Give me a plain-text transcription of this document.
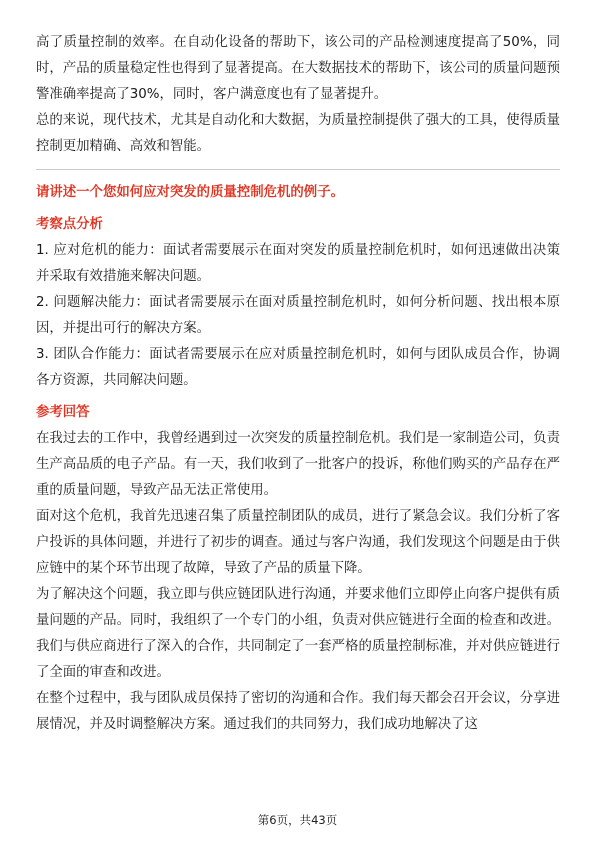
高了质量控制的效率。在自动化设备的帮助下，该公司的产品检测速度提高了50%，同时，产品的质量稳定性也得到了显著提高。在大数据技术的帮助下，该公司的质量问题预警准确率提高了30%，同时，客户满意度也有了显著提升。

总的来说，现代技术，尤其是自动化和大数据，为质量控制提供了强大的工具，使得质量控制更加精确、高效和智能。

请讲述一个您如何应对突发的质量控制危机的例子。

考察点分析

1. 应对危机的能力：面试者需要展示在面对突发的质量控制危机时，如何迅速做出决策并采取有效措施来解决问题。

2. 问题解决能力：面试者需要展示在面对质量控制危机时，如何分析问题、找出根本原因，并提出可行的解决方案。

3. 团队合作能力：面试者需要展示在应对质量控制危机时，如何与团队成员合作，协调各方资源，共同解决问题。

参考回答

在我过去的工作中，我曾经遇到过一次突发的质量控制危机。我们是一家制造公司，负责生产高品质的电子产品。有一天，我们收到了一批客户的投诉，称他们购买的产品存在严重的质量问题，导致产品无法正常使用。

面对这个危机，我首先迅速召集了质量控制团队的成员，进行了紧急会议。我们分析了客户投诉的具体问题，并进行了初步的调查。通过与客户沟通，我们发现这个问题是由于供应链中的某个环节出现了故障，导致了产品的质量下降。

为了解决这个问题，我立即与供应链团队进行沟通，并要求他们立即停止向客户提供有质量问题的产品。同时，我组织了一个专门的小组，负责对供应链进行全面的检查和改进。我们与供应商进行了深入的合作，共同制定了一套严格的质量控制标准，并对供应链进行了全面的审查和改进。

在整个过程中，我与团队成员保持了密切的沟通和合作。我们每天都会召开会议，分享进展情况，并及时调整解决方案。通过我们的共同努力，我们成功地解决了这

第6页，共43页
